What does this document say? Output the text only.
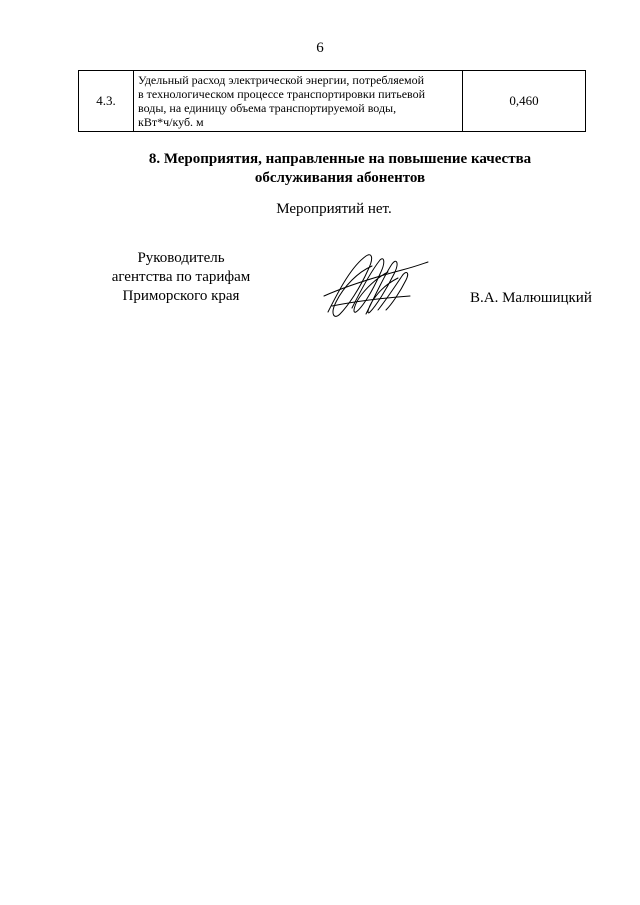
6
4.3.	Удельный расход электрической энергии, потребляемой
в технологическом процессе транспортировки питьевой
воды, на единицу объема транспортируемой воды,
кВт*ч/куб. м	0,460
8. Мероприятия, направленные на повышение качества
обслуживания абонентов
Мероприятий нет.
Руководитель
агентства по тарифам
Приморского края	В.А. Малюшицкий
